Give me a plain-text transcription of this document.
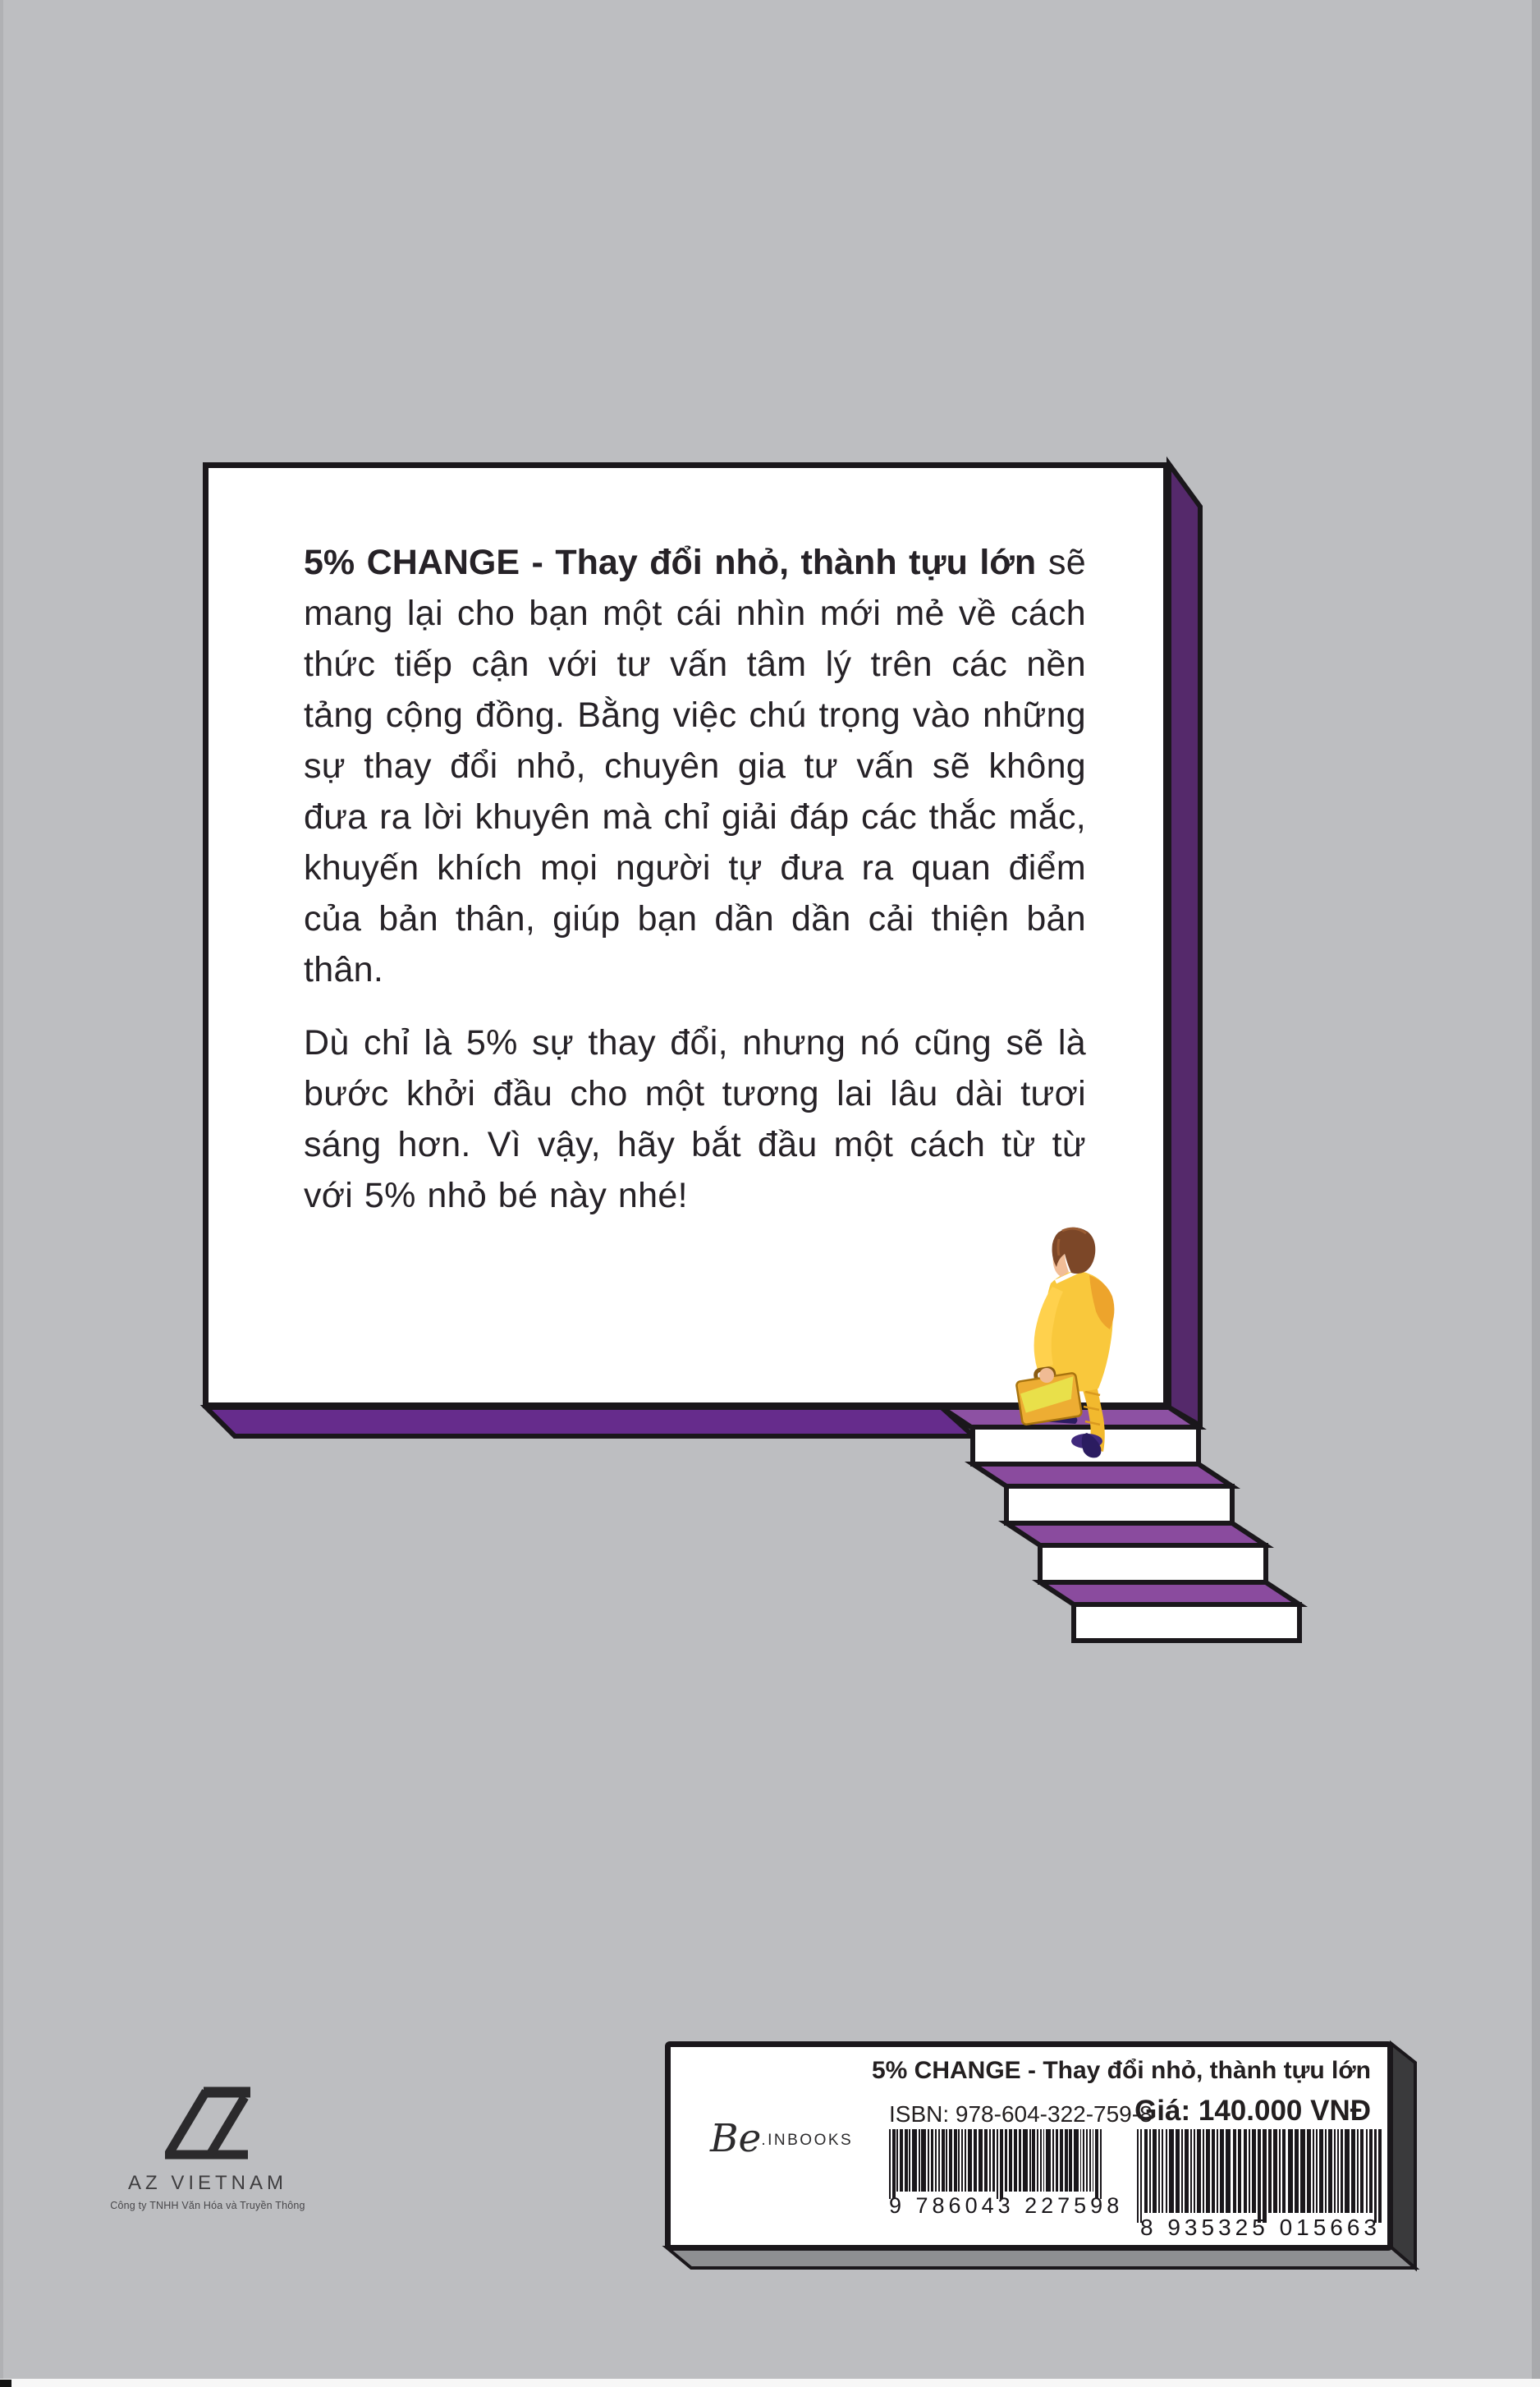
5% CHANGE - Thay đổi nhỏ, thành tựu lớn sẽ mang lại cho bạn một cái nhìn mới mẻ về cách thức tiếp cận với tư vấn tâm lý trên các nền tảng cộng đồng. Bằng việc chú trọng vào những sự thay đổi nhỏ, chuyên gia tư vấn sẽ không đưa ra lời khuyên mà chỉ giải đáp các thắc mắc, khuyến khích mọi người tự đưa ra quan điểm của bản thân, giúp bạn dần dần cải thiện bản thân.

Dù chỉ là 5% sự thay đổi, nhưng nó cũng sẽ là bước khởi đầu cho một tương lai lâu dài tươi sáng hơn. Vì vậy, hãy bắt đầu một cách từ từ với 5% nhỏ bé này nhé!

AZ VIETNAM
Công ty TNHH Văn Hóa và Truyền Thông
5% CHANGE - Thay đổi nhỏ, thành tựu lớn
ISBN: 978-604-322-759-8
Giá: 140.000 VNĐ
Be.INBOOKS
9 786043 227598
8 935325 015663
